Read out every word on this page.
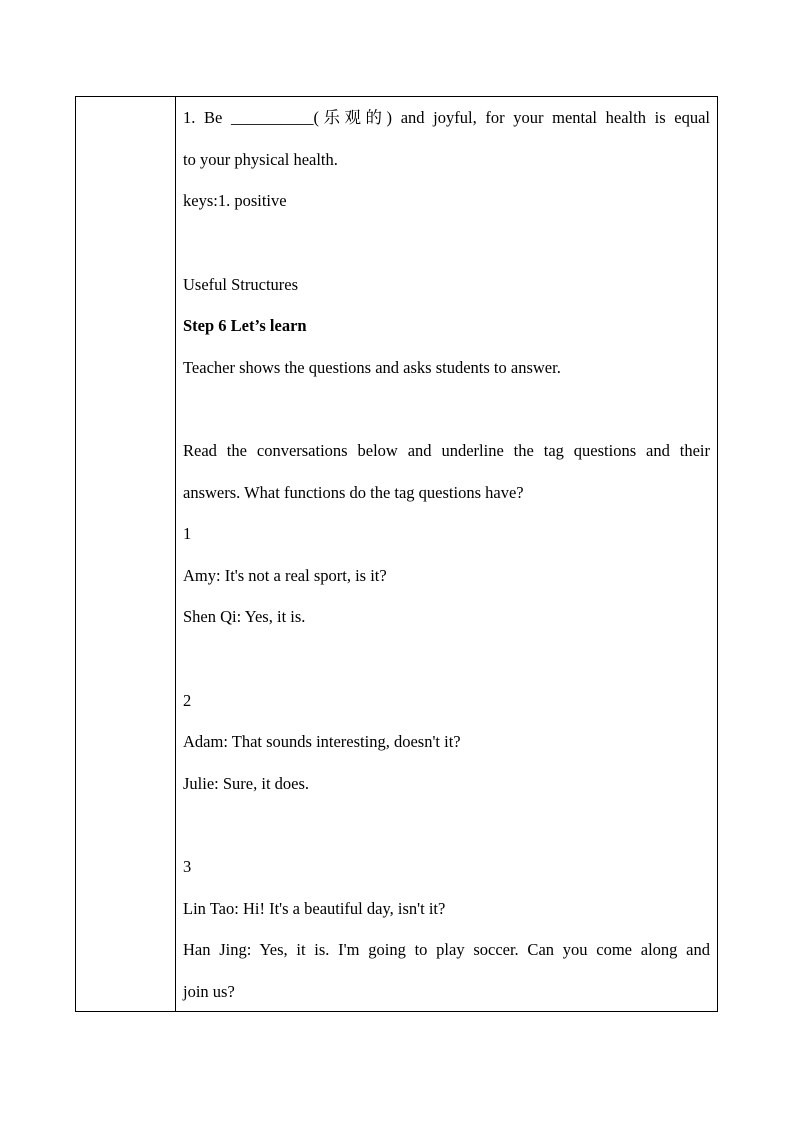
1. Be __________(乐观的) and joyful, for your mental health is equal
to your physical health.
keys:1. positive
Useful Structures
Step 6 Let’s learn
Teacher shows the questions and asks students to answer.
Read the conversations below and underline the tag questions and their
answers. What functions do the tag questions have?
1
Amy: It's not a real sport, is it?
Shen Qi: Yes, it is.
2
Adam: That sounds interesting, doesn't it?
Julie: Sure, it does.
3
Lin Tao: Hi! It's a beautiful day, isn't it?
Han Jing: Yes, it is. I'm going to play soccer. Can you come along and
join us?
